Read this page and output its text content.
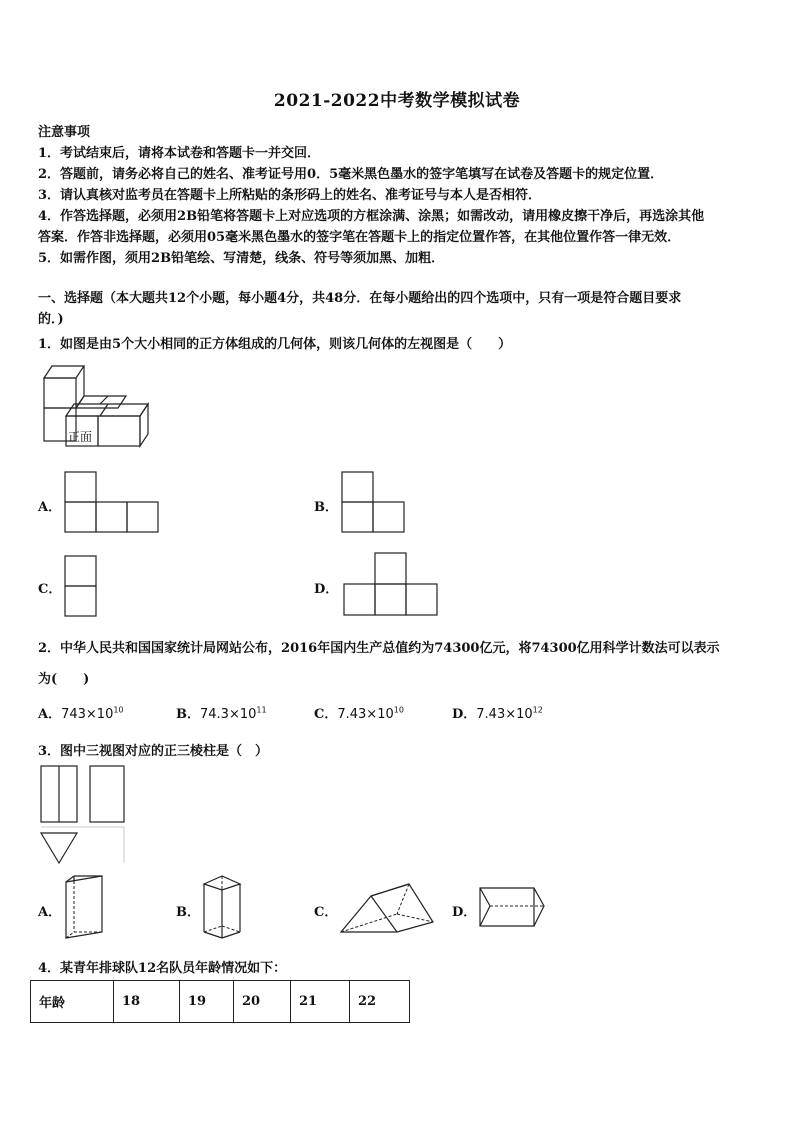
2021-2022中考数学模拟试卷
注意事项
1．考试结束后，请将本试卷和答题卡一并交回．
2．答题前，请务必将自己的姓名、准考证号用0．5毫米黑色墨水的签字笔填写在试卷及答题卡的规定位置．
3．请认真核对监考员在答题卡上所粘贴的条形码上的姓名、准考证号与本人是否相符．
4．作答选择题，必须用2B铅笔将答题卡上对应选项的方框涂满、涂黑；如需改动，请用橡皮擦干净后，再选涂其他
答案．作答非选择题，必须用05毫米黑色墨水的签字笔在答题卡上的指定位置作答，在其他位置作答一律无效．
5．如需作图，须用2B铅笔绘、写清楚，线条、符号等须加黑、加粗．
一、选择题（本大题共12个小题，每小题4分，共48分．在每小题给出的四个选项中，只有一项是符合题目要求
的．)
1．如图是由5个大小相同的正方体组成的几何体，则该几何体的左视图是（　　）
正面
A．	B．
C．	D．
2．中华人民共和国国家统计局网站公布，2016年国内生产总值约为74300亿元，将74300亿用科学计数法可以表示
为(　　)
A．$743\times 10^{10}$	B．$74.3\times 10^{11}$	C．$7.43\times 10^{10}$	D．$7.43\times 10^{12}$
3．图中三视图对应的正三棱柱是（　）
A．	B．	C．	D．
4．某青年排球队12名队员年龄情况如下：
年龄	18	19	20	21	22
